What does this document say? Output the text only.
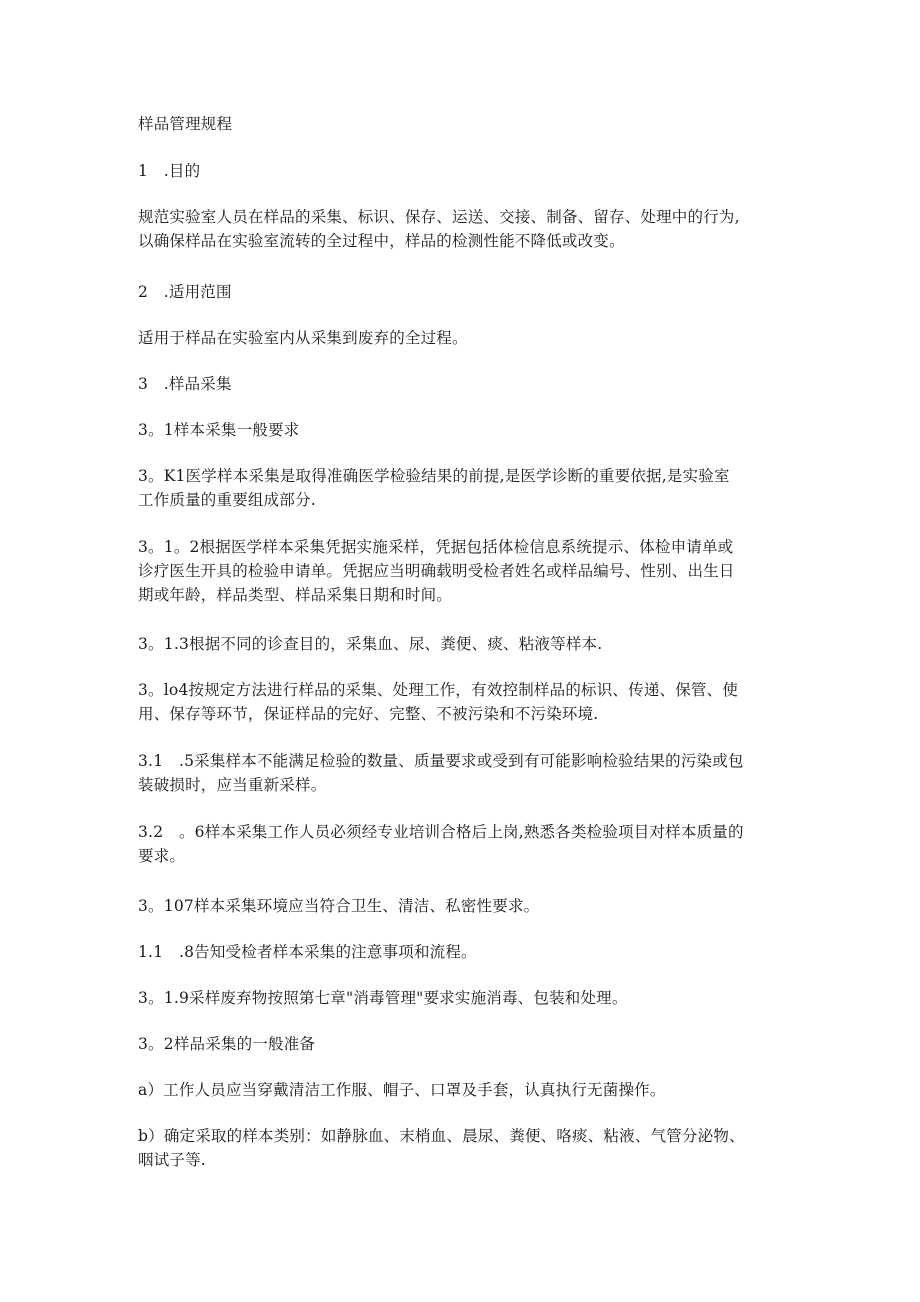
样品管理规程

1　.目的

规范实验室人员在样品的采集、标识、保存、运送、交接、制备、留存、处理中的行为,
以确保样品在实验室流转的全过程中，样品的检测性能不降低或改变。

2　.适用范围

适用于样品在实验室内从采集到废弃的全过程。

3　.样品采集

3。1样本采集一般要求

3。K1医学样本采集是取得准确医学检验结果的前提,是医学诊断的重要依据,是实验室
工作质量的重要组成部分.

3。1。2根据医学样本采集凭据实施采样，凭据包括体检信息系统提示、体检申请单或
诊疗医生开具的检验申请单。凭据应当明确载明受检者姓名或样品编号、性别、出生日
期或年龄，样品类型、样品采集日期和时间。

3。1.3根据不同的诊查目的，采集血、尿、粪便、痰、粘液等样本.

3。lo4按规定方法进行样品的采集、处理工作，有效控制样品的标识、传递、保管、使
用、保存等环节，保证样品的完好、完整、不被污染和不污染环境.

3.1　.5采集样本不能满足检验的数量、质量要求或受到有可能影响检验结果的污染或包
装破损时，应当重新采样。

3.2　。6样本采集工作人员必须经专业培训合格后上岗,熟悉各类检验项目对样本质量的
要求。

3。107样本采集环境应当符合卫生、清洁、私密性要求。

1.1　.8告知受检者样本采集的注意事项和流程。

3。1.9采样废弃物按照第七章"消毒管理"要求实施消毒、包装和处理。

3。2样品采集的一般准备

a）工作人员应当穿戴清洁工作服、帽子、口罩及手套，认真执行无菌操作。

b）确定采取的样本类别：如静脉血、末梢血、晨尿、粪便、咯痰、粘液、气管分泌物、
咽试子等.
